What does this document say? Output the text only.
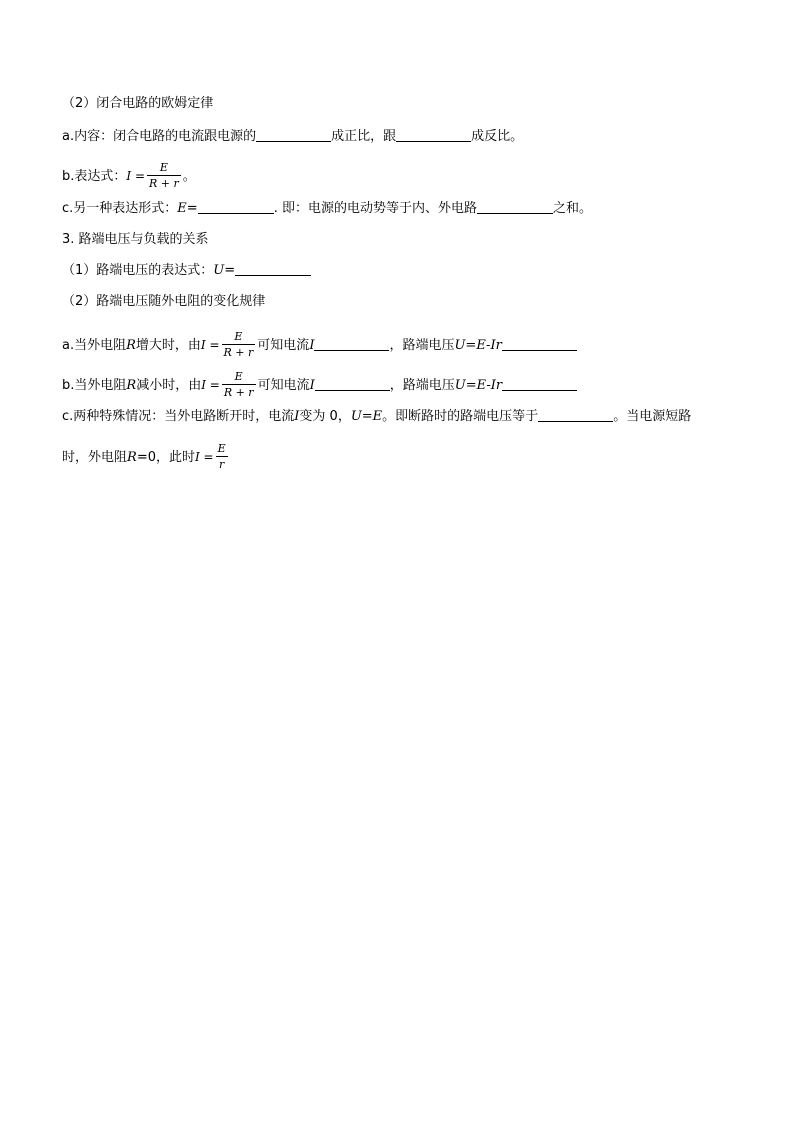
（2）闭合电路的欧姆定律
a.内容：闭合电路的电流跟电源的	成正比，跟	成反比。
b.表达式：$I = \frac{E}{R + r}$ 。
c.另一种表达形式：E=	. 即：电源的电动势等于内、外电路	之和。
3. 路端电压与负载的关系
（1）路端电压的表达式：U=
（2）路端电压随外电阻的变化规律
a.当外电阻R增大时，由$I = \frac{E}{R + r}$ 可知电流I	，路端电压U=E-Ir
b.当外电阻R减小时，由$I = \frac{E}{R + r}$ 可知电流I	，路端电压U=E-Ir
c.两种特殊情况：当外电路断开时，电流I变为 0，U=E。即断路时的路端电压等于	。当电源短路
时，外电阻R=0，此时$I = \frac{E}{r}$
